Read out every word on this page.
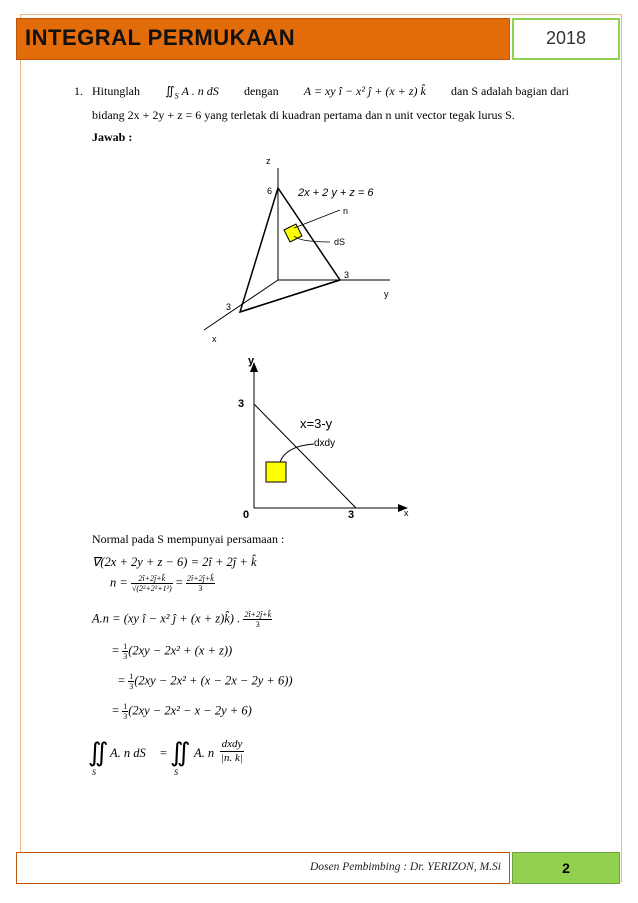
INTEGRAL PERMUKAAN	2018
1. Hitunglah $∬_S$ A . n dS dengan A = xy î − x² ĵ + (x + z) k̂ dan S adalah bagian dari
bidang 2x + 2y + z = 6 yang terletak di kuadran pertama dan n unit vector tegak lurus S.
Jawab :
z
6 2x + 2 y + z = 6
n
dS
3
y
3
x
y
3
x=3-y
dxdy
0	3	x
Normal pada S mempunyai persamaan :
∇(2x + 2y + z − 6) = 2î + 2ĵ + k̂
$n = \frac{2î+2ĵ+k̂}{\text{√(2²+2²+1²)}} = \frac{2î+2ĵ+k̂}{3}$
A.n = (xy î − x² ĵ + (x + z)k̂) . $\frac{2î+2ĵ+k̂}{3}$
= $\frac{1}{3} (2xy - 2x^2 + (x + z))$
= $\frac{1}{3} (2xy - 2x^2 + (x - 2x - 2y + 6))$
= $\frac{1}{3} (2xy - 2x^2 - x - 2y + 6)$
∬
S
A. n dS = ∬
S
A. n
dxdy
|n. k|
Dosen Pembimbing : Dr. YERIZON, M.Si	2
